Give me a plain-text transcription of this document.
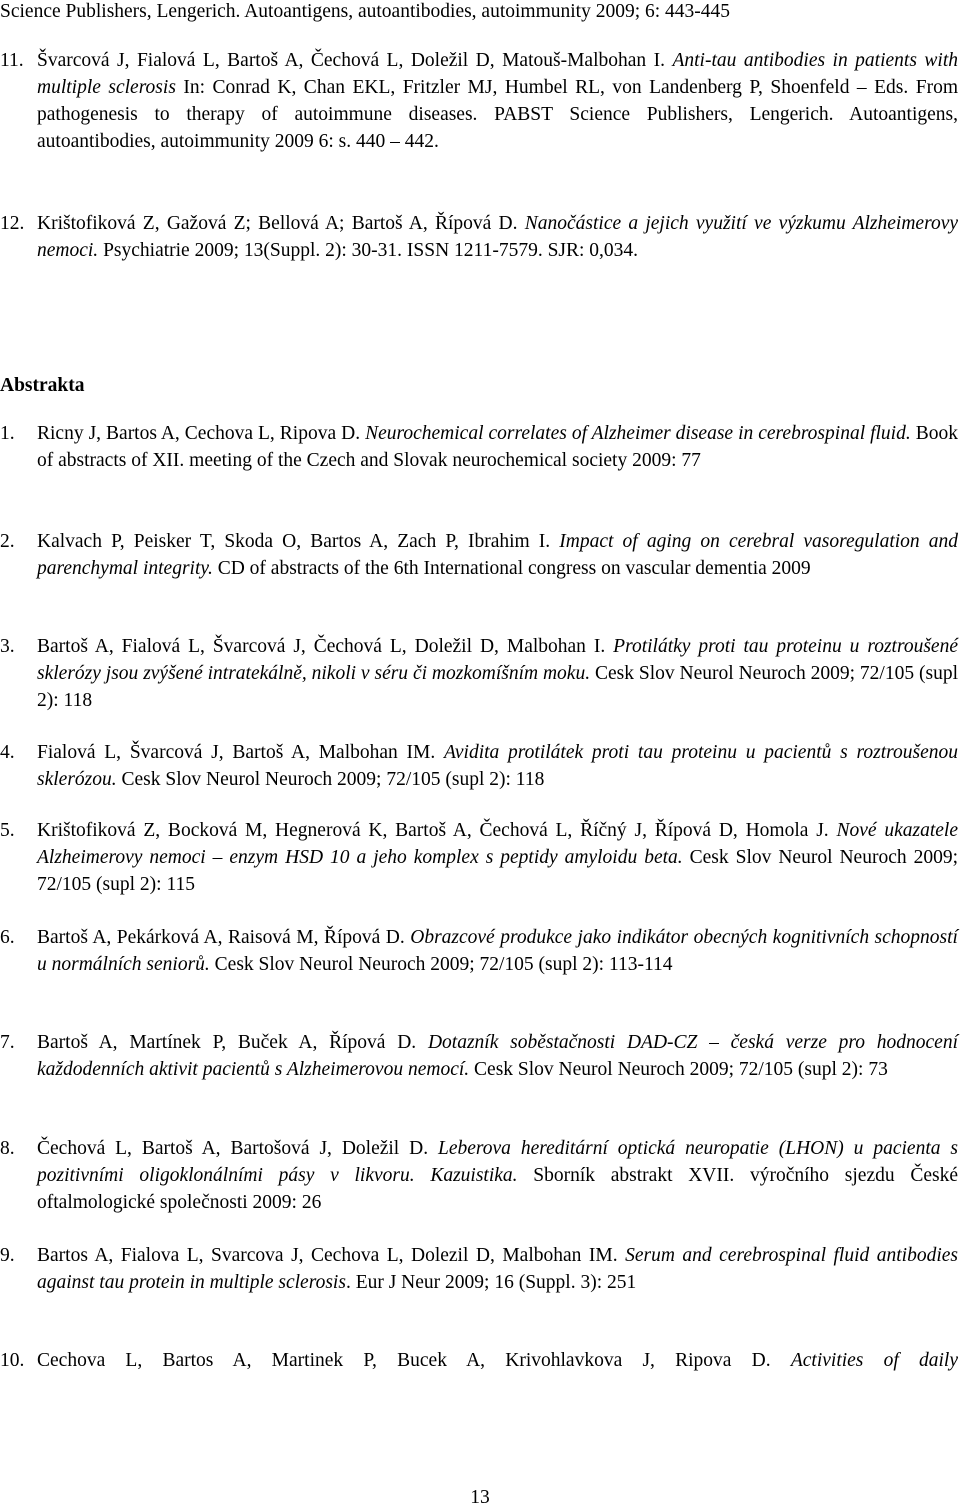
Science Publishers, Lengerich. Autoantigens, autoantibodies, autoimmunity 2009; 6: 443-445

11. Švarcová J, Fialová L, Bartoš A, Čechová L, Doležil D, Matouš-Malbohan I. Anti-tau antibodies in patients with multiple sclerosis In: Conrad K, Chan EKL, Fritzler MJ, Humbel RL, von Landenberg P, Shoenfeld – Eds. From pathogenesis to therapy of autoimmune diseases. PABST Science Publishers, Lengerich. Autoantigens, autoantibodies, autoimmunity 2009 6: s. 440 – 442.
12. Krištofiková Z, Gažová Z; Bellová A; Bartoš A, Řípová D. Nanočástice a jejich využití ve výzkumu Alzheimerovy nemoci. Psychiatrie 2009; 13(Suppl. 2): 30-31. ISSN 1211-7579. SJR: 0,034.
Abstrakta
1. Ricny J, Bartos A, Cechova L, Ripova D. Neurochemical correlates of Alzheimer disease in cerebrospinal fluid. Book of abstracts of XII. meeting of the Czech and Slovak neurochemical society 2009: 77
2. Kalvach P, Peisker T, Skoda O, Bartos A, Zach P, Ibrahim I. Impact of aging on cerebral vasoregulation and parenchymal integrity. CD of abstracts of the 6th International congress on vascular dementia 2009
3. Bartoš A, Fialová L, Švarcová J, Čechová L, Doležil D, Malbohan I. Protilátky proti tau proteinu u roztroušené sklerózy jsou zvýšené intratekálně, nikoli v séru či mozkomíšním moku. Cesk Slov Neurol Neuroch 2009; 72/105 (supl 2): 118
4. Fialová L, Švarcová J, Bartoš A, Malbohan IM. Avidita protilátek proti tau proteinu u pacientů s roztroušenou sklerózou. Cesk Slov Neurol Neuroch 2009; 72/105 (supl 2): 118
5. Krištofiková Z, Bocková M, Hegnerová K, Bartoš A, Čechová L, Říčný J, Řípová D, Homola J. Nové ukazatele Alzheimerovy nemoci – enzym HSD 10 a jeho komplex s peptidy amyloidu beta. Cesk Slov Neurol Neuroch 2009; 72/105 (supl 2): 115
6. Bartoš A, Pekárková A, Raisová M, Řípová D. Obrazcové produkce jako indikátor obecných kognitivních schopností u normálních seniorů. Cesk Slov Neurol Neuroch 2009; 72/105 (supl 2): 113-114
7. Bartoš A, Martínek P, Buček A, Řípová D. Dotazník soběstačnosti DAD-CZ – česká verze pro hodnocení každodenních aktivit pacientů s Alzheimerovou nemocí. Cesk Slov Neurol Neuroch 2009; 72/105 (supl 2): 73
8. Čechová L, Bartoš A, Bartošová J, Doležil D. Leberova hereditární optická neuropatie (LHON) u pacienta s pozitivními oligoklonálními pásy v likvoru. Kazuistika. Sborník abstrakt XVII. výročního sjezdu České oftalmologické společnosti 2009: 26
9. Bartos A, Fialova L, Svarcova J, Cechova L, Dolezil D, Malbohan IM. Serum and cerebrospinal fluid antibodies against tau protein in multiple sclerosis. Eur J Neur 2009; 16 (Suppl. 3): 251
10. Cechova L, Bartos A, Martinek P, Bucek A, Krivohlavkova J, Ripova D. Activities of daily
13
